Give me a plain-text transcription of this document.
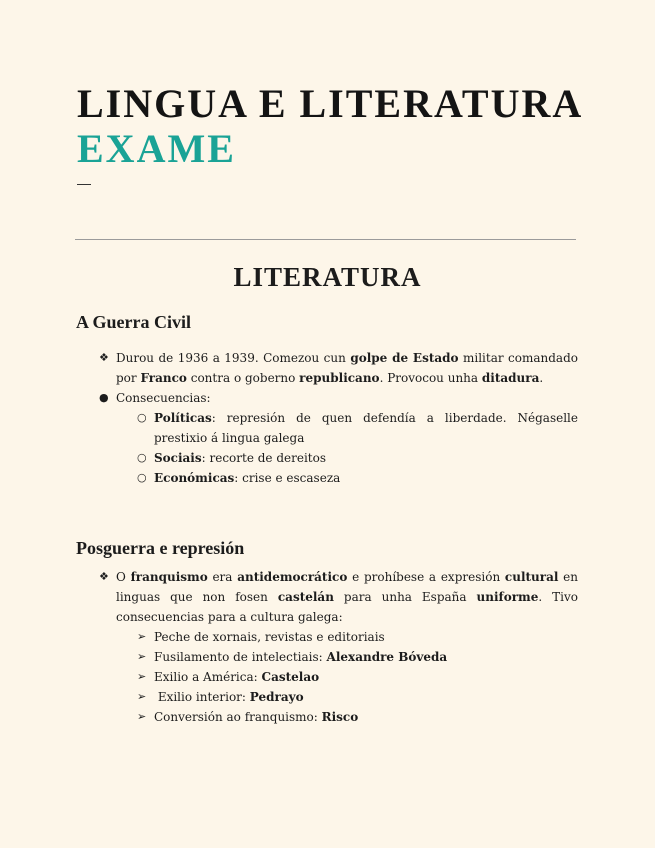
LINGUA E LITERATURA
EXAME
LITERATURA
A Guerra Civil
❖ Durou de 1936 a 1939. Comezou cun golpe de Estado militar comandado por Franco contra o goberno republicano. Provocou unha ditadura.
● Consecuencias:
○ Políticas: represión de quen defendía a liberdade. Négaselle prestixio á lingua galega
○ Sociais: recorte de dereitos
○ Económicas: crise e escaseza
Posguerra e represión
❖ O franquismo era antidemocrático e prohíbese a expresión cultural en linguas que non fosen castelán para unha España uniforme. Tivo consecuencias para a cultura galega:
➢ Peche de xornais, revistas e editoriais
➢ Fusilamento de intelectiais: Alexandre Bóveda
➢ Exilio a América: Castelao
➢ Exilio interior: Pedrayo
➢ Conversión ao franquismo: Risco
